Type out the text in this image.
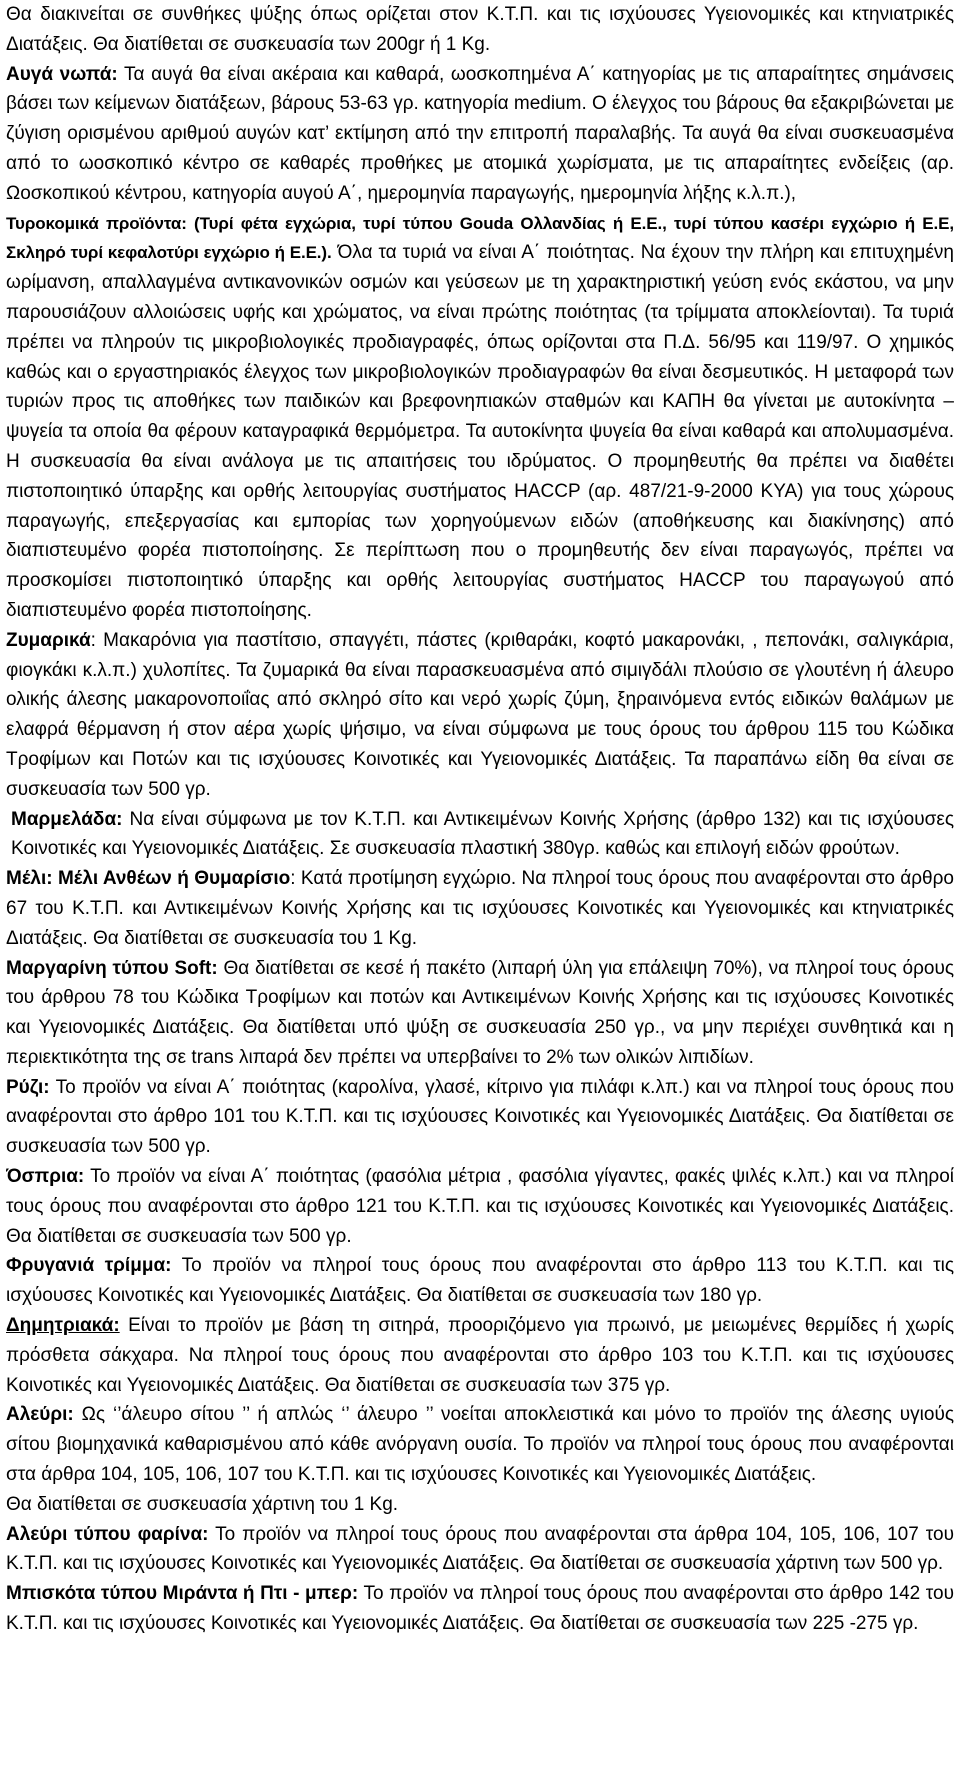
Θα διακινείται σε συνθήκες ψύξης όπως ορίζεται στον Κ.Τ.Π. και τις ισχύουσες Υγειονομικές και κτηνιατρικές Διατάξεις. Θα διατίθεται σε συσκευασία των 200gr ή 1 Kg.

Αυγά νωπά: Τα αυγά θα είναι ακέραια και καθαρά, ωοσκοπημένα Α΄ κατηγορίας με τις απαραίτητες σημάνσεις βάσει των κείμενων διατάξεων, βάρους 53-63 γρ. κατηγορία medium. Ο έλεγχος του βάρους θα εξακριβώνεται με ζύγιση ορισμένου αριθμού αυγών κατ’ εκτίμηση από την επιτροπή παραλαβής. Τα αυγά θα είναι συσκευασμένα από το ωοσκοπικό κέντρο σε καθαρές προθήκες με ατομικά χωρίσματα, με τις απαραίτητες ενδείξεις (αρ. Ωοσκοπικού κέντρου, κατηγορία αυγού Α΄, ημερομηνία παραγωγής, ημερομηνία λήξης κ.λ.π.),

Τυροκομικά προϊόντα: (Τυρί φέτα εγχώρια, τυρί τύπου Gouda Ολλανδίας ή Ε.Ε., τυρί τύπου κασέρι εγχώριο ή Ε.Ε, Σκληρό τυρί κεφαλοτύρι εγχώριο ή Ε.Ε.). Όλα τα τυριά να είναι Α΄ ποιότητας. Να έχουν την πλήρη και επιτυχημένη ωρίμανση, απαλλαγμένα αντικανονικών οσμών και γεύσεων με τη χαρακτηριστική γεύση ενός εκάστου, να μην παρουσιάζουν αλλοιώσεις υφής και χρώματος, να είναι πρώτης ποιότητας (τα τρίμματα αποκλείονται). Τα τυριά πρέπει να πληρούν τις μικροβιολογικές προδιαγραφές, όπως ορίζονται στα Π.Δ. 56/95 και 119/97. Ο χημικός καθώς και ο εργαστηριακός έλεγχος των μικροβιολογικών προδιαγραφών θα είναι δεσμευτικός. Η μεταφορά των τυριών προς τις αποθήκες των παιδικών και βρεφονηπιακών σταθμών και ΚΑΠΗ θα γίνεται με αυτοκίνητα – ψυγεία τα οποία θα φέρουν καταγραφικά θερμόμετρα. Τα αυτοκίνητα ψυγεία θα είναι καθαρά και απολυμασμένα. Η συσκευασία θα είναι ανάλογα με τις απαιτήσεις του ιδρύματος. Ο προμηθευτής θα πρέπει να διαθέτει πιστοποιητικό ύπαρξης και ορθής λειτουργίας συστήματος HACCP (αρ. 487/21-9-2000 ΚΥΑ) για τους χώρους παραγωγής, επεξεργασίας και εμπορίας των χορηγούμενων ειδών (αποθήκευσης και διακίνησης) από διαπιστευμένο φορέα πιστοποίησης. Σε περίπτωση που ο προμηθευτής δεν είναι παραγωγός, πρέπει να προσκομίσει πιστοποιητικό ύπαρξης και ορθής λειτουργίας συστήματος HACCP του παραγωγού από διαπιστευμένο φορέα πιστοποίησης.

Ζυμαρικά: Μακαρόνια για παστίτσιο, σπαγγέτι, πάστες (κριθαράκι, κοφτό μακαρονάκι, , πεπονάκι, σαλιγκάρια, φιογκάκι κ.λ.π.) χυλοπίτες. Τα ζυμαρικά θα είναι παρασκευασμένα από σιμιγδάλι πλούσιο σε γλουτένη ή άλευρο ολικής άλεσης μακαρονοποιΐας από σκληρό σίτο και νερό χωρίς ζύμη, ξηραινόμενα εντός ειδικών θαλάμων με ελαφρά θέρμανση ή στον αέρα χωρίς ψήσιμο, να είναι σύμφωνα με τους όρους του άρθρου 115 του Κώδικα Τροφίμων και Ποτών και τις ισχύουσες Κοινοτικές και Υγειονομικές Διατάξεις. Τα παραπάνω είδη θα είναι σε συσκευασία των 500 γρ.

Μαρμελάδα: Να είναι σύμφωνα με τον Κ.Τ.Π. και Αντικειμένων Κοινής Χρήσης (άρθρο 132) και τις ισχύουσες Κοινοτικές και Υγειονομικές Διατάξεις. Σε συσκευασία πλαστική 380γρ. καθώς και επιλογή ειδών φρούτων.

Μέλι: Μέλι Ανθέων ή Θυμαρίσιο: Κατά προτίμηση εγχώριο. Να πληροί τους όρους που αναφέρονται στο άρθρο 67 του Κ.Τ.Π. και Αντικειμένων Κοινής Χρήσης και τις ισχύουσες Κοινοτικές και Υγειονομικές και κτηνιατρικές Διατάξεις. Θα διατίθεται σε συσκευασία του 1 Kg.

Μαργαρίνη τύπου Soft: Θα διατίθεται σε κεσέ ή πακέτο (λιπαρή ύλη για επάλειψη 70%), να πληροί τους όρους του άρθρου 78 του Κώδικα Τροφίμων και ποτών και Αντικειμένων Κοινής Χρήσης και τις ισχύουσες Κοινοτικές και Υγειονομικές Διατάξεις. Θα διατίθεται υπό ψύξη σε συσκευασία 250 γρ., να μην περιέχει συνθητικά και η περιεκτικότητα της σε trans λιπαρά δεν πρέπει να υπερβαίνει το 2% των ολικών λιπιδίων.

Ρύζι: Το προϊόν να είναι Α΄ ποιότητας (καρολίνα, γλασέ, κίτρινο για πιλάφι κ.λπ.) και να πληροί τους όρους που αναφέρονται στο άρθρο 101 του Κ.Τ.Π. και τις ισχύουσες Κοινοτικές και Υγειονομικές Διατάξεις. Θα διατίθεται σε συσκευασία των 500 γρ.

Όσπρια: Το προϊόν να είναι Α΄ ποιότητας (φασόλια μέτρια , φασόλια γίγαντες, φακές ψιλές κ.λπ.) και να πληροί τους όρους που αναφέρονται στο άρθρο 121 του Κ.Τ.Π. και τις ισχύουσες Κοινοτικές και Υγειονομικές Διατάξεις. Θα διατίθεται σε συσκευασία των 500 γρ.

Φρυγανιά τρίμμα: Το προϊόν να πληροί τους όρους που αναφέρονται στο άρθρο 113 του Κ.Τ.Π. και τις ισχύουσες Κοινοτικές και Υγειονομικές Διατάξεις. Θα διατίθεται σε συσκευασία των 180 γρ.

Δημητριακά: Είναι το προϊόν με βάση τη σιτηρά, προοριζόμενο για πρωινό, με μειωμένες θερμίδες ή χωρίς πρόσθετα σάκχαρα. Να πληροί τους όρους που αναφέρονται στο άρθρο 103 του Κ.Τ.Π. και τις ισχύουσες Κοινοτικές και Υγειονομικές Διατάξεις. Θα διατίθεται σε συσκευασία των 375 γρ.

Αλεύρι: Ως ‘’άλευρο σίτου ’’ ή απλώς ‘’ άλευρο ’’ νοείται αποκλειστικά και μόνο το προϊόν της άλεσης υγιούς σίτου βιομηχανικά καθαρισμένου από κάθε ανόργανη ουσία. Το προϊόν να πληροί τους όρους που αναφέρονται στα άρθρα 104, 105, 106, 107 του Κ.Τ.Π. και τις ισχύουσες Κοινοτικές και Υγειονομικές Διατάξεις.

Θα διατίθεται σε συσκευασία χάρτινη του 1 Kg.

Αλεύρι τύπου φαρίνα: Το προϊόν να πληροί τους όρους που αναφέρονται στα άρθρα 104, 105, 106, 107 του Κ.Τ.Π. και τις ισχύουσες Κοινοτικές και Υγειονομικές Διατάξεις. Θα διατίθεται σε συσκευασία χάρτινη των 500 γρ.

Μπισκότα τύπου Μιράντα ή Πτι - μπερ: Το προϊόν να πληροί τους όρους που αναφέρονται στο άρθρο 142 του Κ.Τ.Π. και τις ισχύουσες Κοινοτικές και Υγειονομικές Διατάξεις. Θα διατίθεται σε συσκευασία των 225 -275 γρ.
